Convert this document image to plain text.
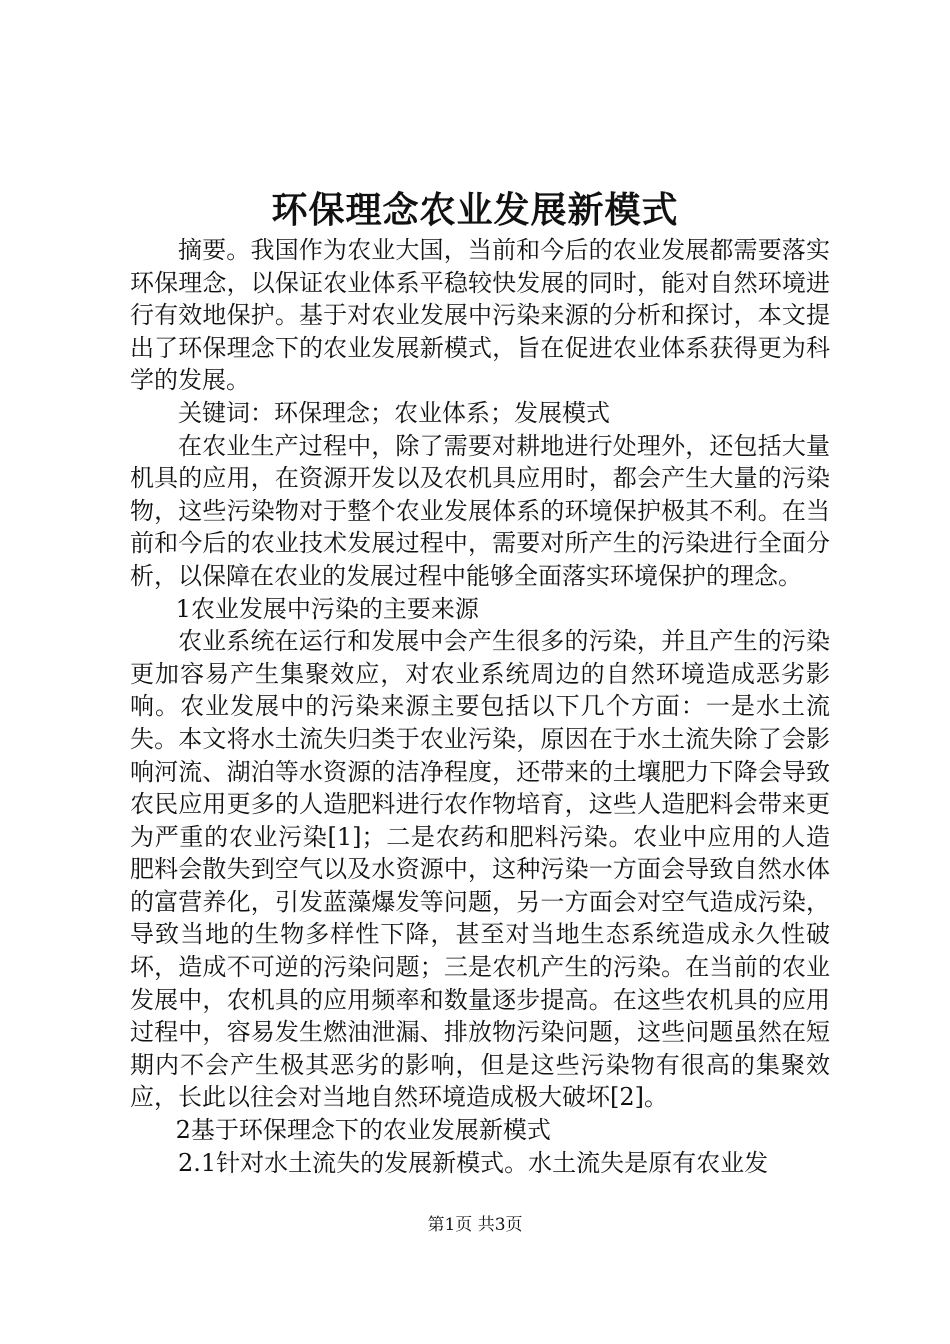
环保理念农业发展新模式

摘要。我国作为农业大国，当前和今后的农业发展都需要落实环保理念，以保证农业体系平稳较快发展的同时，能对自然环境进行有效地保护。基于对农业发展中污染来源的分析和探讨，本文提出了环保理念下的农业发展新模式，旨在促进农业体系获得更为科学的发展。

关键词：环保理念；农业体系；发展模式

在农业生产过程中，除了需要对耕地进行处理外，还包括大量机具的应用，在资源开发以及农机具应用时，都会产生大量的污染物，这些污染物对于整个农业发展体系的环境保护极其不利。在当前和今后的农业技术发展过程中，需要对所产生的污染进行全面分析，以保障在农业的发展过程中能够全面落实环境保护的理念。

1农业发展中污染的主要来源

农业系统在运行和发展中会产生很多的污染，并且产生的污染更加容易产生集聚效应，对农业系统周边的自然环境造成恶劣影响。农业发展中的污染来源主要包括以下几个方面：一是水土流失。本文将水土流失归类于农业污染，原因在于水土流失除了会影响河流、湖泊等水资源的洁净程度，还带来的土壤肥力下降会导致农民应用更多的人造肥料进行农作物培育，这些人造肥料会带来更为严重的农业污染[1]；二是农药和肥料污染。农业中应用的人造肥料会散失到空气以及水资源中，这种污染一方面会导致自然水体的富营养化，引发蓝藻爆发等问题，另一方面会对空气造成污染，导致当地的生物多样性下降，甚至对当地生态系统造成永久性破坏，造成不可逆的污染问题；三是农机产生的污染。在当前的农业发展中，农机具的应用频率和数量逐步提高。在这些农机具的应用过程中，容易发生燃油泄漏、排放物污染问题，这些问题虽然在短期内不会产生极其恶劣的影响，但是这些污染物有很高的集聚效应，长此以往会对当地自然环境造成极大破坏[2]。

2基于环保理念下的农业发展新模式

2.1针对水土流失的发展新模式。水土流失是原有农业发

第1页 共3页
